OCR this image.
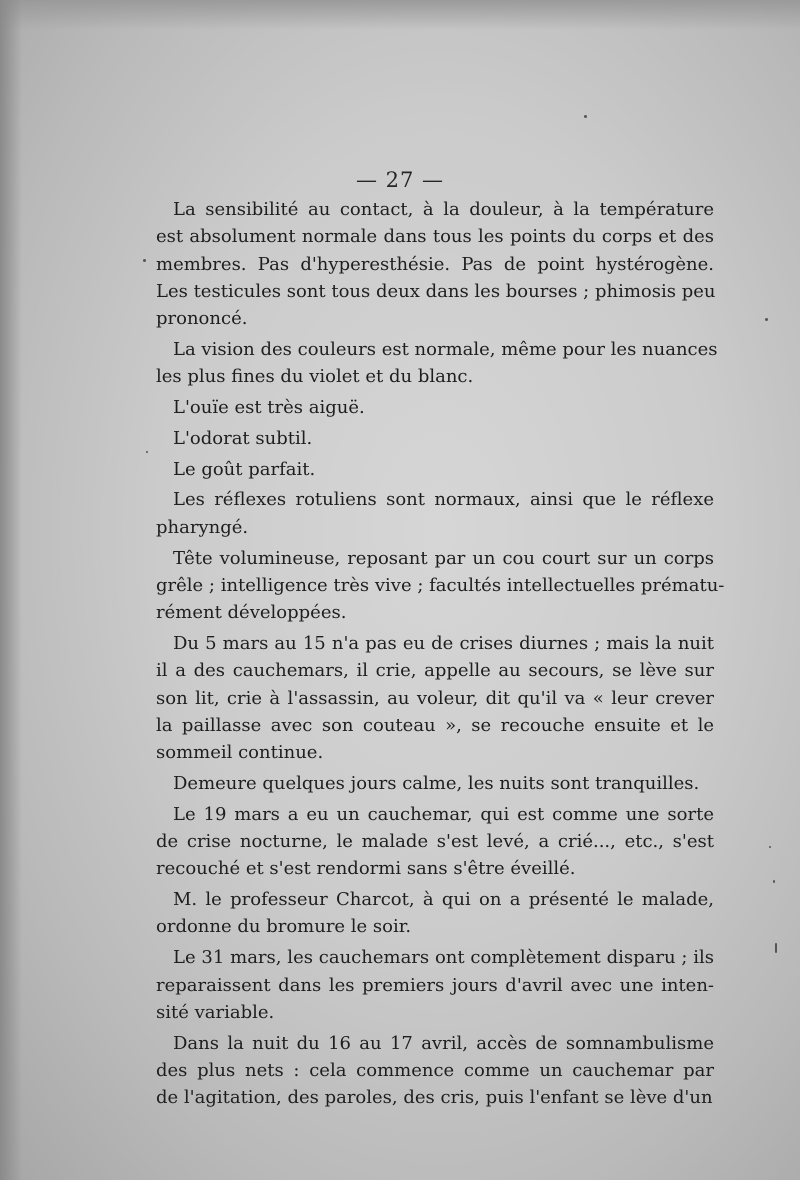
— 27 —
La sensibilité au contact, à la douleur, à la température
est absolument normale dans tous les points du corps et des
membres. Pas d'hyperesthésie. Pas de point hystérogène.
Les testicules sont tous deux dans les bourses ; phimosis peu
prononcé.
La vision des couleurs est normale, même pour les nuances
les plus fines du violet et du blanc.
L'ouïe est très aiguë.
L'odorat subtil.
Le goût parfait.
Les réflexes rotuliens sont normaux, ainsi que le réflexe
pharyngé.
Tête volumineuse, reposant par un cou court sur un corps
grêle ; intelligence très vive ; facultés intellectuelles prématu-
rément développées.
Du 5 mars au 15 n'a pas eu de crises diurnes ; mais la nuit
il a des cauchemars, il crie, appelle au secours, se lève sur
son lit, crie à l'assassin, au voleur, dit qu'il va « leur crever
la paillasse avec son couteau », se recouche ensuite et le
sommeil continue.
Demeure quelques jours calme, les nuits sont tranquilles.
Le 19 mars a eu un cauchemar, qui est comme une sorte
de crise nocturne, le malade s'est levé, a crié..., etc., s'est
recouché et s'est rendormi sans s'être éveillé.
M. le professeur Charcot, à qui on a présenté le malade,
ordonne du bromure le soir.
Le 31 mars, les cauchemars ont complètement disparu ; ils
reparaissent dans les premiers jours d'avril avec une inten-
sité variable.
Dans la nuit du 16 au 17 avril, accès de somnambulisme
des plus nets : cela commence comme un cauchemar par
de l'agitation, des paroles, des cris, puis l'enfant se lève d'un
